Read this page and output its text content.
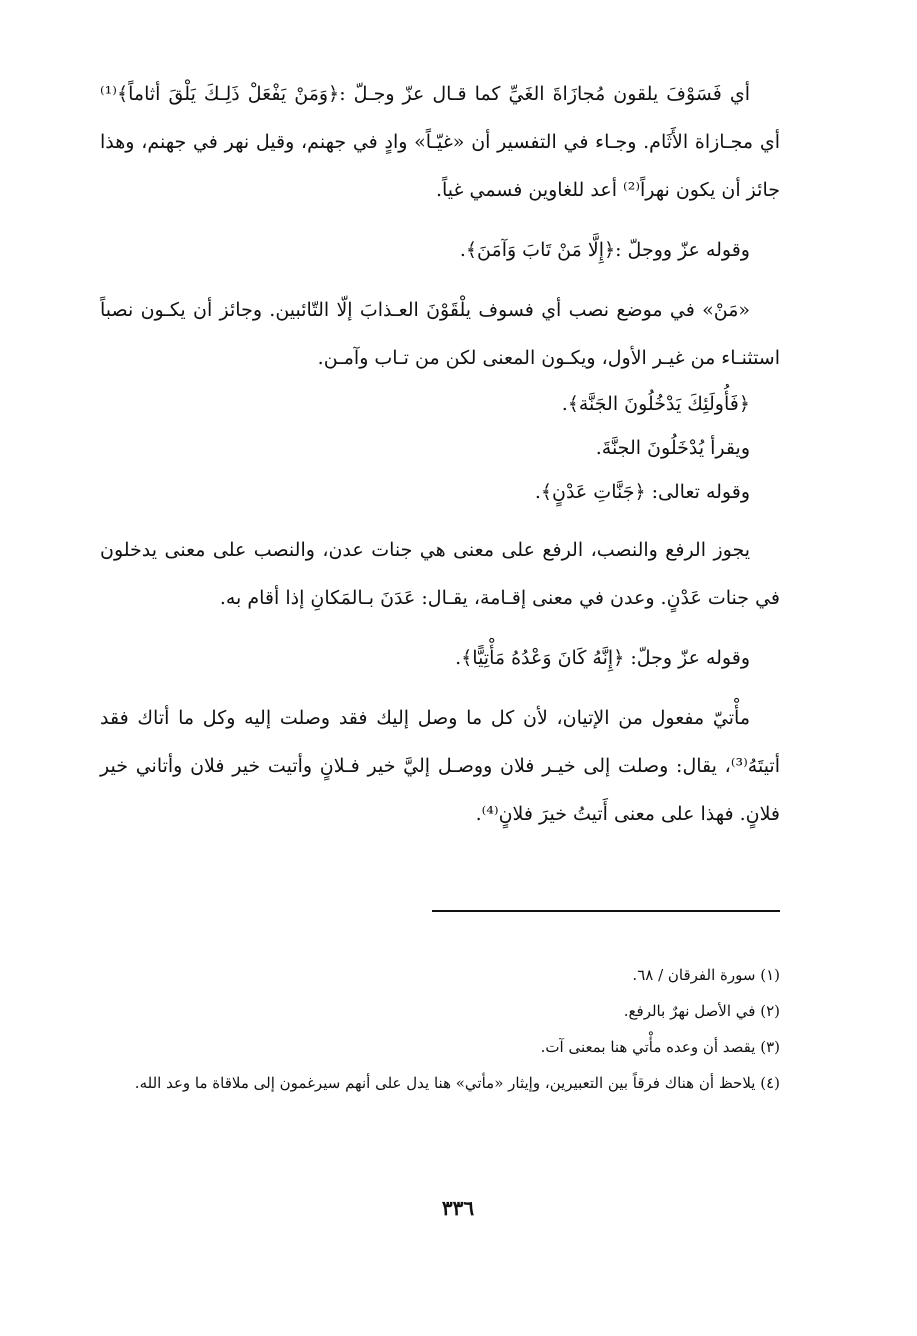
أي فَسَوْفَ يلقون مُجازَاةَ الغَيِّ كما قـال عزّ وجـلّ :﴿وَمَنْ يَفْعَلْ ذَلِـكَ يَلْقَ أثاماً﴾⁽¹⁾ أي مجـازاة الأَثَام. وجـاء في التفسير أن «غيّـاً» وادٍ في جهنم، وقيل نهر في جهنم، وهذا جائز أن يكون نهراً⁽²⁾ أعد للغاوين فسمي غياً.

وقوله عزّ ووجلّ :﴿إِلَّا مَنْ تَابَ وَآمَنَ﴾.

«مَنْ» في موضع نصب أي فسوف يلْقَوْنَ العـذابَ إلّا التّائبين. وجائز أن يكـون نصباً استثنـاء من غيـر الأول، ويكـون المعنى لكن من تـاب وآمـن.

﴿فَأُولَئِكَ يَدْخُلُونَ الجَنَّة﴾.

ويقرأ يُدْخَلُونَ الجنَّةَ.

وقوله تعالى: ﴿جَنَّاتِ عَدْنٍ﴾.

يجوز الرفع والنصب، الرفع على معنى هي جنات عدن، والنصب على معنى يدخلون في جنات عَدْنٍ. وعدن في معنى إقـامة، يقـال: عَدَنَ بـالمَكانِ إذا أقام به.

وقوله عزّ وجلّ: ﴿إِنَّهُ كَانَ وَعْدُهُ مَأْتِيًّا﴾.

مأْتيّ مفعول من الإتيان، لأن كل ما وصل إليك فقد وصلت إليه وكل ما أتاك فقد أتيتَهُ⁽³⁾، يقال: وصلت إلى خيـر فلان ووصـل إليَّ خير فـلانٍ وأتيت خير فلان وأتاني خير فلانٍ. فهذا على معنى أَتيتُ خيرَ فلانٍ⁽⁴⁾.

(١) سورة الفرقان / ٦٨.

(٢) في الأصل نهرٌ بالرفع.

(٣) يقصد أن وعده مأْتي هنا بمعنى آت.

(٤) يلاحظ أن هناك فرقاً بين التعبيرين، وإيثار «مأتي» هنا يدل على أنهم سيرغمون إلى ملاقاة ما وعد الله.

٣٣٦
